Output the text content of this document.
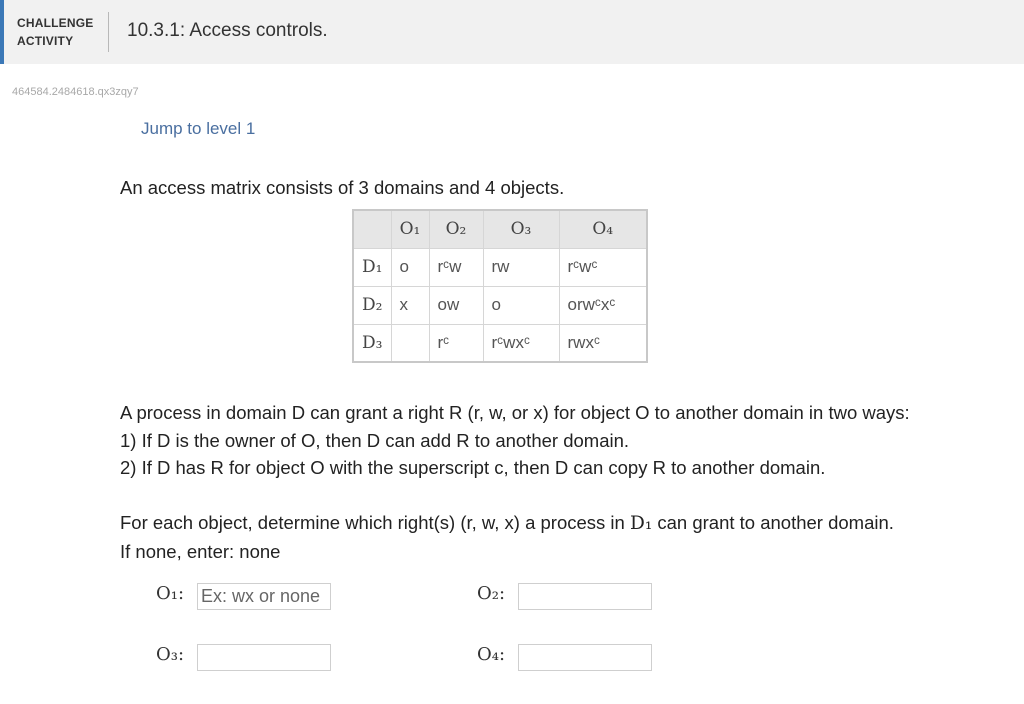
CHALLENGE
ACTIVITY	10.3.1: Access controls.
464584.2484618.qx3zqy7
Jump to level 1
An access matrix consists of 3 domains and 4 objects.
	O₁	O₂	O₃	O₄
D₁	o	rᶜw	rw	rᶜwᶜ
D₂	x	ow	o	orwᶜxᶜ
D₃		rᶜ	rᶜwxᶜ	rwxᶜ
A process in domain D can grant a right R (r, w, or x) for object O to another domain in two ways:
1) If D is the owner of O, then D can add R to another domain.
2) If D has R for object O with the superscript c, then D can copy R to another domain.
For each object, determine which right(s) (r, w, x) a process in D₁ can grant to another domain.
If none, enter: none
O₁:
Ex: wx or none	O₂:
O₃:	O₄:
